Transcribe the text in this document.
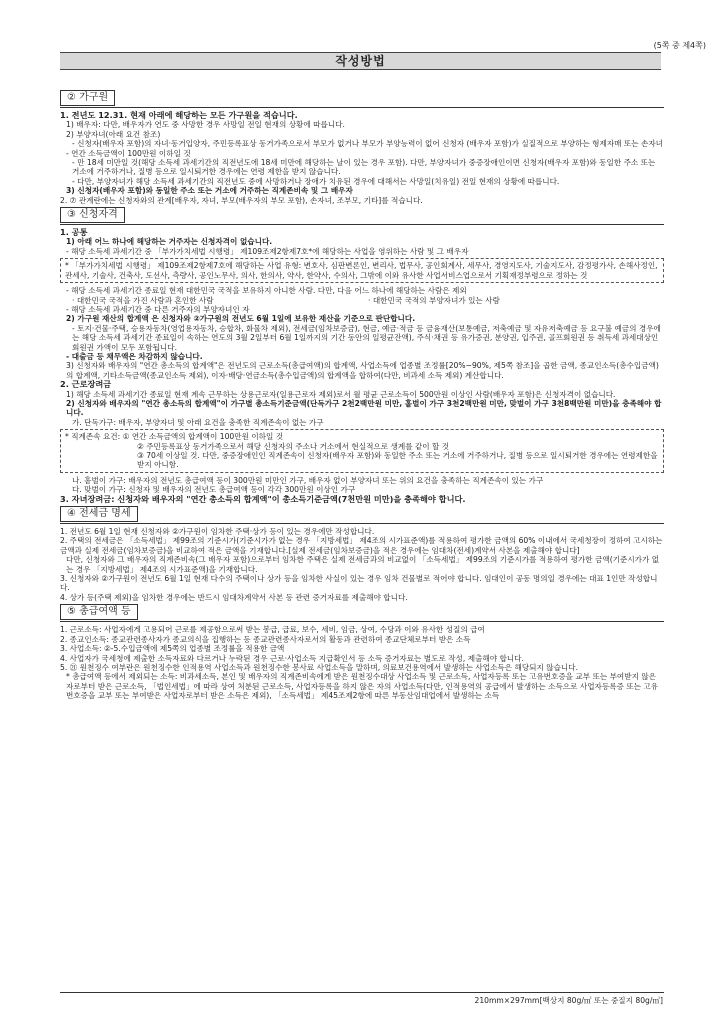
(5쪽 중 제4쪽)
작성방법
② 가구원
1. 전년도 12.31. 현재 아래에 해당하는 모든 가구원을 적습니다.
1) 배우자: 다만, 배우자가 연도 중 사망한 경우 사망일 전일 현재의 상황에 따릅니다.
2) 부양자녀(아래 요건 참조)
- 신청자(배우자 포함)의 자녀·동거입양자, 주민등록표상 동거가족으로서 부모가 없거나 부모가 부양능력이 없어 신청자 (배우자 포함)가 실질적으로 부양하는 형제자매 또는 손자녀
- 연간 소득금액이 100만원 이하일 것
- 만 18세 미만일 것(해당 소득세 과세기간의 직전년도에 18세 미만에 해당하는 날이 있는 경우 포함). 다만, 부양자녀가 중증장애인이면 신청자(배우자 포함)와 동일한 주소 또는 거소에 거주하거나, 질병 등으로 일시퇴거한 경우에는 연령 제한을 받지 않습니다.
- 다만, 부양자녀가 해당 소득세 과세기간의 직전년도 중에 사망하거나 장애가 치유된 경우에 대해서는 사망일(치유일) 전일 현재의 상황에 따릅니다.
3) 신청자(배우자 포함)와 동일한 주소 또는 거소에 거주하는 직계존비속 및 그 배우자
2. ⑦ 관계란에는 신청자와의 관계[배우자, 자녀, 부모(배우자의 부모 포함), 손자녀, 조부모, 기타]를 적습니다.
③ 신청자격
1. 공통
1) 아래 어느 하나에 해당하는 거주자는 신청자격이 없습니다.
- 해당 소득세 과세기간 중 「부가가치세법 시행령」 제109조제2항제7호*에 해당하는 사업을 영위하는 사람 및 그 배우자
* 「부가가치세법 시행령」 제109조제2항제7호에 해당하는 사업 유형: 변호사, 심판변론인, 변리사, 법무사, 공인회계사, 세무사, 경영지도사, 기술지도사, 감정평가사, 손해사정인, 관세사, 기술사, 건축사, 도선사, 측량사, 공인노무사, 의사, 한의사, 약사, 한약사, 수의사, 그밖에 이와 유사한 사업서비스업으로서 기획재정부령으로 정하는 것
- 해당 소득세 과세기간 종료일 현재 대한민국 국적을 보유하지 아니한 사람. 다만, 다음 어느 하나에 해당하는 사람은 제외
· 대한민국 국적을 가진 사람과 혼인한 사람	· 대한민국 국적의 부양자녀가 있는 사람
- 해당 소득세 과세기간 중 다른 거주자의 부양자녀인 자
2) 가구원 재산의 합계액 은 신청자와 ②가구원의 전년도 6월 1일에 보유한 재산을 기준으로 판단합니다.
- 토지·건물·주택, 승용자동차(영업용자동차, 승합차, 화물차 제외), 전세금(임차보증금), 현금, 예금·적금 등 금융재산(보통예금, 저축예금 및 자유저축예금 등 요구불 예금의 경우에는 해당 소득세 과세기간 종료일이 속하는 연도의 3월 2일부터 6월 1일까지의 기간 동안의 일평균잔액), 주식·채권 등 유가증권, 분양권, 입주권, 골프회원권 등 취득세 과세대상인 회원권 가액이 모두 포함됩니다.
- 대출금 등 채무액은 차감하지 않습니다.
3) 신청자와 배우자의 "연간 총소득의 합계액"은 전년도의 근로소득(총급여액)의 합계액, 사업소득에 업종별 조정률[20%~90%, 제5쪽 참조]을 곱한 금액, 종교인소득(총수입금액)의 합계액, 기타소득금액(종교인소득 제외), 이자·배당·연금소득(총수입금액)의 합계액을 합하여(다만, 비과세 소득 제외) 계산합니다.
2. 근로장려금
1) 해당 소득세 과세기간 종료일 현재 계속 근무하는 상용근로자(일용근로자 제외)로서 월 평균 근로소득이 500만원 이상인 사람(배우자 포함)은 신청자격이 없습니다.
2) 신청자와 배우자의 "연간 총소득의 합계액"이 가구별 총소득기준금액(단독가구 2천2백만원 미만, 홑벌이 가구 3천2백만원 미만, 맞벌이 가구 3천8백만원 미만)을 충족해야 합니다.
가. 단독가구: 배우자, 부양자녀 및 아래 요건을 충족한 직계존속이 없는 가구
* 직계존속 요건: ① 연간 소득금액의 합계액이 100만원 이하일 것
② 주민등록표상 동거가족으로서 해당 신청자의 주소나 거소에서 현실적으로 생계를 같이 할 것
③ 70세 이상일 것. 다만, 중증장애인인 직계존속이 신청자(배우자 포함)와 동일한 주소 또는 거소에 거주하거나, 질병 등으로 일시퇴거한 경우에는 연령제한을 받지 아니함.
나. 홑벌이 가구: 배우자의 전년도 총급여액 등이 300만원 미만인 가구, 배우자 없이 부양자녀 또는 위의 요건을 충족하는 직계존속이 있는 가구
다. 맞벌이 가구: 신청자 및 배우자의 전년도 총급여액 등이 각각 300만원 이상인 가구
3. 자녀장려금: 신청자와 배우자의 "연간 총소득의 합계액"이 총소득기준금액(7천만원 미만)을 충족해야 합니다.
④ 전세금 명세
1. 전년도 6월 1일 현재 신청자와 ②가구원이 임차한 주택·상가 등이 있는 경우에만 작성합니다.
2. 주택의 전세금은 「소득세법」 제99조의 기준시가(기준시가가 없는 경우 「지방세법」 제4조의 시가표준액)를 적용하여 평가한 금액의 60% 이내에서 국세청장이 정하여 고시하는 금액과 실제 전세금(임차보증금)을 비교하여 적은 금액을 기재합니다.[실제 전세금(임차보증금)을 적은 경우에는 임대차(전세)계약서 사본을 제출해야 합니다]
다만, 신청자와 그 배우자의 직계존비속(그 배우자 포함)으로부터 임차한 주택은 실제 전세금과의 비교없이 「소득세법」 제99조의 기준시가를 적용하여 평가한 금액(기준시가가 없는 경우 「지방세법」 제4조의 시가표준액)을 기재합니다.
3. 신청자와 ②가구원이 전년도 6월 1일 현재 다수의 주택이나 상가 등을 임차한 사실이 있는 경우 임차 건물별로 적어야 합니다. 임대인이 공동 명의일 경우에는 대표 1인만 작성합니다.
4. 상가 등(주택 제외)을 임차한 경우에는 반드시 임대차계약서 사본 등 관련 증거자료를 제출해야 합니다.
⑤ 총급여액 등
1. 근로소득: 사업자에게 고용되어 근로를 제공함으로써 받는 봉급, 급료, 보수, 세비, 임금, 상여, 수당과 이와 유사한 성질의 급여
2. 종교인소득: 종교관련종사자가 종교의식을 집행하는 등 종교관련종사자로서의 활동과 관련하여 종교단체로부터 받은 소득
3. 사업소득: ②-5.수입금액에 제5쪽의 업종별 조정률을 적용한 금액
4. 사업자가 국세청에 제출한 소득자료와 다르거나 누락된 경우 근로·사업소득 지급확인서 등 소득 증거자료는 별도로 작성, 제출해야 합니다.
5. ㉑ 원천징수 여부란은 원천징수한 인적용역 사업소득과 원천징수한 봉사료 사업소득을 말하며, 의료보건용역에서 발생하는 사업소득은 해당되지 않습니다.
* 총급여액 등에서 제외되는 소득: 비과세소득, 본인 및 배우자의 직계존비속에게 받은 원천징수대상 사업소득 및 근로소득, 사업자등록 또는 고유번호증을 교부 또는 부여받지 않은 자로부터 받은 근로소득, 「법인세법」에 따라 상여 처분된 근로소득, 사업자등록을 하지 않은 자의 사업소득(다만, 인적용역의 공급에서 발생하는 소득으로 사업자등록증 또는 고유번호증을 교부 또는 부여받은 사업자로부터 받은 소득은 제외), 「소득세법」 제45조제2항에 따른 부동산임대업에서 발생하는 소득
210mm×297mm[백상지 80g/㎡ 또는 중질지 80g/㎡]
